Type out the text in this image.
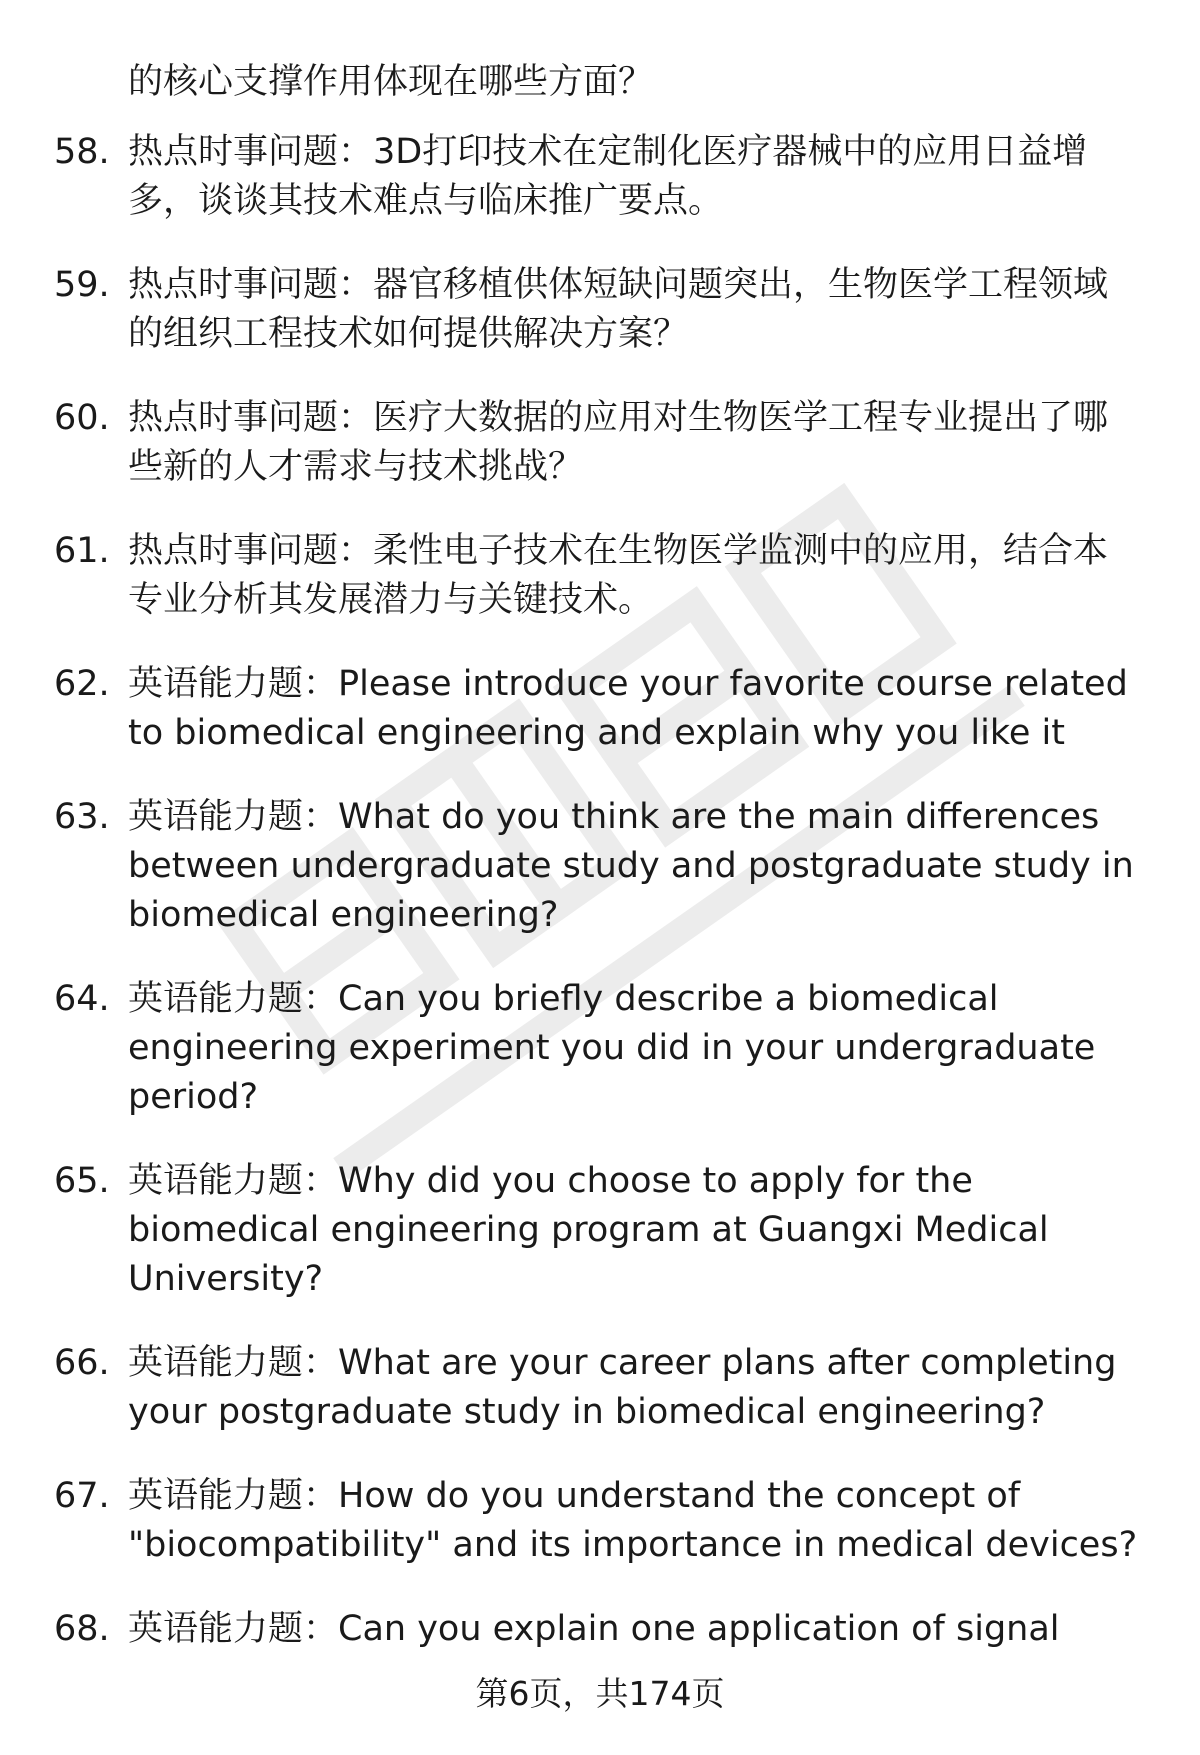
的核心支撑作用体现在哪些方面？

58. 热点时事问题：3D打印技术在定制化医疗器械中的应用日益增多，谈谈其技术难点与临床推广要点。
59. 热点时事问题：器官移植供体短缺问题突出，生物医学工程领域的组织工程技术如何提供解决方案？
60. 热点时事问题：医疗大数据的应用对生物医学工程专业提出了哪些新的人才需求与技术挑战？
61. 热点时事问题：柔性电子技术在生物医学监测中的应用，结合本专业分析其发展潜力与关键技术。
62. 英语能力题：Please introduce your favorite course related to biomedical engineering and explain why you like it
63. 英语能力题：What do you think are the main differences between undergraduate study and postgraduate study in biomedical engineering?
64. 英语能力题：Can you briefly describe a biomedical engineering experiment you did in your undergraduate period?
65. 英语能力题：Why did you choose to apply for the biomedical engineering program at Guangxi Medical University?
66. 英语能力题：What are your career plans after completing your postgraduate study in biomedical engineering?
67. 英语能力题：How do you understand the concept of "biocompatibility" and its importance in medical devices?
68. 英语能力题：Can you explain one application of signal
第6页，共174页
